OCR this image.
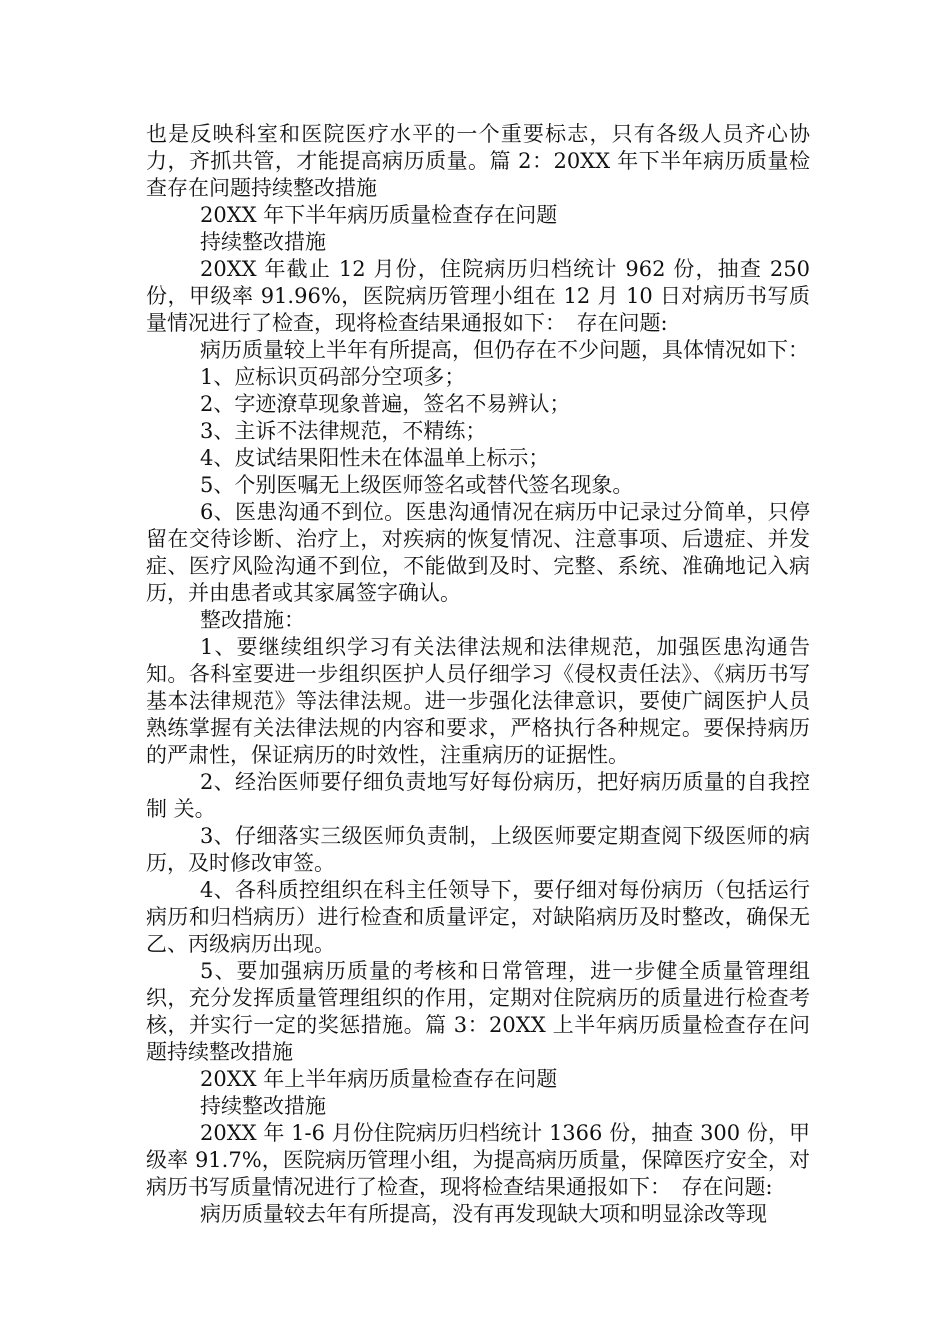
也是反映科室和医院医疗水平的一个重要标志，只有各级人员齐心协力，齐抓共管，才能提高病历质量。篇 2：20XX 年下半年病历质量检查存在问题持续整改措施

20XX 年下半年病历质量检查存在问题

持续整改措施

20XX 年截止 12 月份，住院病历归档统计 962 份，抽查 250 份，甲级率 91.96%，医院病历管理小组在 12 月 10 日对病历书写质量情况进行了检查，现将检查结果通报如下：　存在问题:

病历质量较上半年有所提高，但仍存在不少问题，具体情况如下：

1、应标识页码部分空项多；

2、字迹潦草现象普遍，签名不易辨认；

3、主诉不法律规范，不精练；

4、皮试结果阳性未在体温单上标示；

5、个别医嘱无上级医师签名或替代签名现象。

6、医患沟通不到位。医患沟通情况在病历中记录过分简单，只停留在交待诊断、治疗上，对疾病的恢复情况、注意事项、后遗症、并发症、医疗风险沟通不到位，不能做到及时、完整、系统、准确地记入病历，并由患者或其家属签字确认。

整改措施：

1、要继续组织学习有关法律法规和法律规范，加强医患沟通告知。各科室要进一步组织医护人员仔细学习《侵权责任法》、《病历书写基本法律规范》等法律法规。进一步强化法律意识，要使广阔医护人员熟练掌握有关法律法规的内容和要求，严格执行各种规定。要保持病历的严肃性，保证病历的时效性，注重病历的证据性。

2、经治医师要仔细负责地写好每份病历，把好病历质量的自我控制 关。

3、仔细落实三级医师负责制，上级医师要定期查阅下级医师的病历，及时修改审签。

4、各科质控组织在科主任领导下，要仔细对每份病历（包括运行病历和归档病历）进行检查和质量评定，对缺陷病历及时整改，确保无乙、丙级病历出现。

5、要加强病历质量的考核和日常管理，进一步健全质量管理组织，充分发挥质量管理组织的作用，定期对住院病历的质量进行检查考核，并实行一定的奖惩措施。篇 3：20XX 上半年病历质量检查存在问题持续整改措施

20XX 年上半年病历质量检查存在问题

持续整改措施

20XX 年 1-6 月份住院病历归档统计 1366 份，抽查 300 份，甲级率 91.7%，医院病历管理小组，为提高病历质量，保障医疗安全，对病历书写质量情况进行了检查，现将检查结果通报如下：　存在问题:

病历质量较去年有所提高，没有再发现缺大项和明显涂改等现
